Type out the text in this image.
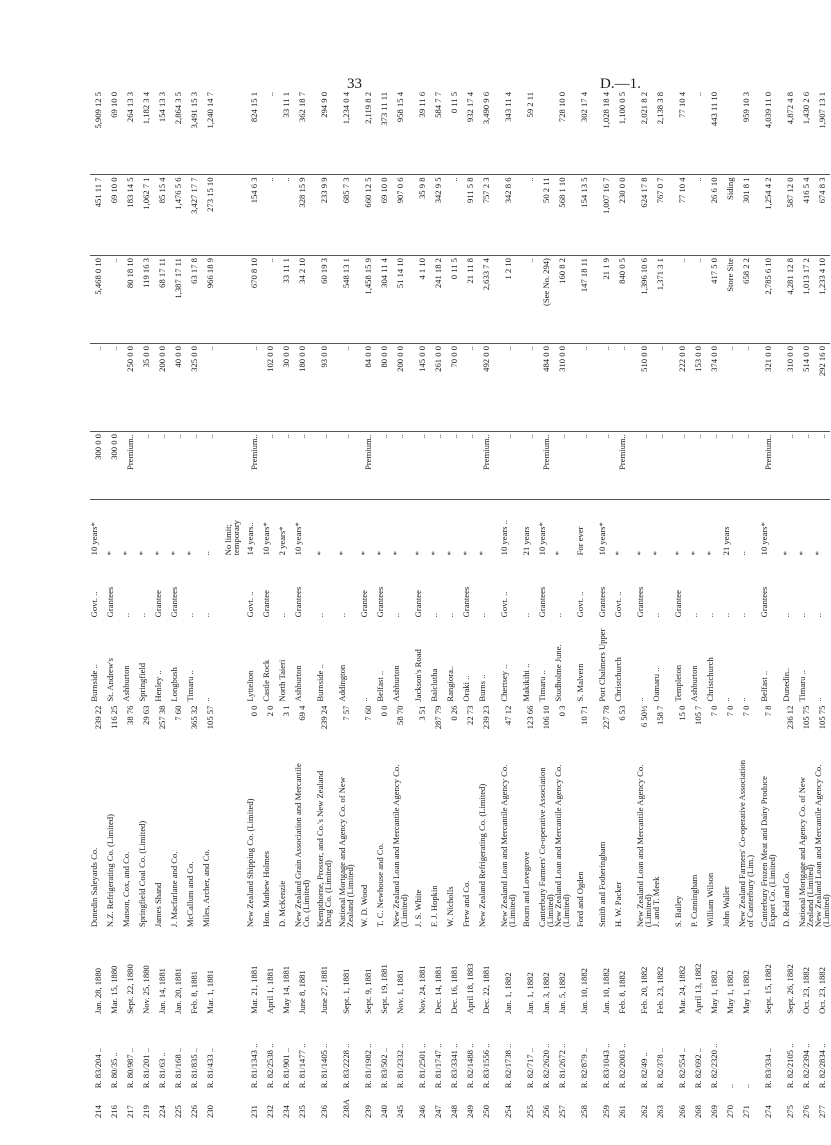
33	D.—1.
214	R. 83/204 ..	Jan. 28, 1880	Dunedin Saleyards Co.	239 22	Burnside ..	Govt. ..	10 years*	300 0 0	..	5,468 0 10	451 11 7	5,909 12 5
216	R. 80/35 ..	Mar. 15, 1880	N.Z. Refrigerating Co. (Limited)	116 25	St. Andrew's	Grantees	*	300 0 0	..	..	69 10 0	69 10 0
217	R. 80/987 ..	Sept. 22, 1880	Matson, Cox, and Co.	38 76	Ashburton	..	*	Premium..	250 0 0	80 18 10	183 14 5	264 13 3
219	R. 81/201 ..	Nov. 25, 1880	Springfield Coal Co. (Limited)	29 63	Springfield	..	*	..	35 0 0	119 16 3	1,062 7 1	1,182 3 4
224	R. 81/63 ..	Jan. 14, 1881	James Shand	257 38	Henley ..	Grantee	*	..	200 0 0	68 17 11	85 15 4	154 13 3
225	R. 81/168 ..	Jan. 20, 1881	J. Macfarlane and Co.	7 60	Longbush	Grantees	*	..	40 0 0	1,387 17 11	1,476 5 6	2,864 3 5
226	R. 81/835 ..	Feb. 8, 1881	McCallum and Co.	365 32	Timaru ..	..	*	..	325 0 0	63 17 8	3,427 17 7	3,491 15 3
230	R. 81/433 ..	Mar. 1, 1881	Miles, Archer, and Co.	105 57	..	..	..	..	..	966 18 9	273 15 10	1,240 14 7

							No limit; temporary					

231	R. 81/1343 ..	Mar. 21, 1881	New Zealand Shipping Co. (Limited)	0 0	Lyttelton	Govt. ..	14 years..	Premium..	..	670 8 10	154 6 3	824 15 1
232	R. 82/2538 ..	April 1, 1881	Hon. Mathew Holmes	2 0	Castle Rock	Grantee	10 years*	..	102 0 0	..	..	..
234	R. 81/901 ..	May 14, 1881	D. McKenzie	3 1	North Taieri	..	2 years*	..	30 0 0	33 11 1	..	33 11 1
235	R. 81/1477 ..	June 8, 1881	New Zealand Grain Association and Mercantile Co. (Limited)	69 4	Ashburton	Grantees	10 years*	..	180 0 0	34 2 10	328 15 9	362 18 7

236	R. 81/1405 ..	June 27, 1881	Kempthorne, Prosser, and Co.'s New Zealand Drug Co. (Limited)	239 24	Burnside ..	..	*	..	93 0 0	60 19 3	233 9 9	294 9 0

238A	R. 83/2228 ..	Sept. 1, 1881	National Mortgage and Agency Co. of New Zealand (Limited)	7 57	Addington	..	*	..	..	548 13 1	685 7 3	1,234 0 4

239	R. 81/1982 ..	Sept. 9, 1881	W. D. Wood	7 60	..	Grantee	*	Premium..	84 0 0	1,458 15 9	660 12 5	2,119 8 2
240	R. 83/502 ..	Sept. 19, 1881	T. C. Newhouse and Co.	0 0	Belfast ..	Grantees	*	..	80 0 0	304 11 4	69 10 0	373 11 11
245	R. 81/2332 ..	Nov. 1, 1881	New Zealand Loan and Mercantile Agency Co. (Limited)	58 70	Ashburton	..	*	..	200 0 0	51 14 10	907 0 6	958 15 4

246	R. 81/2501 ..	Nov. 24, 1881	J. S. White	3 51	Jackson's Road	Grantee	*	..	145 0 0	4 1 10	35 9 8	39 11 6
247	R. 81/1747 ..	Dec. 14, 1881	F. J. Hopkin	287 79	Balclutha	..	*	..	261 0 0	241 18 2	342 9 5	584 7 7
248	R. 83/3341 ..	Dec. 16, 1881	W. Nicholls	0 26	Rangiora..	..	*	..	70 0 0	0 11 5	..	0 11 5
249	R. 82/1488 ..	April 18, 1883	Frew and Co.	22 73	Oraki ..	Grantees	*	..	..	21 11 8	911 5 8	932 17 4
250	R. 83/1556 ..	Dec. 22, 1881	New Zealand Refrigerating Co. (Limited)	239 23	Burns ..	..	*	Premium..	492 0 0	2,633 7 4	757 2 3	3,490 9 6

254	R. 82/1738 ..	Jan. 1, 1882	New Zealand Loan and Mercantile Agency Co. (Limited)	47 12	Chertsey ..	Govt. ..	10 years ..	..	..	1 2 10	342 8 6	343 11 4

255	R. 82/717 ..	Jan. 1, 1882	Bourn and Lovegrove	123 66	Makikihi ..	..	21 years	..	..	..	..	59 2 11
256	R. 82/2620 ..	Jan. 3, 1882	Canterbury Farmers' Co-operative Association (Limited)	106 10	Timaru ..	Grantees	10 years*	Premium..	484 0 0	(See No. 294)	50 2 11	
257	R. 81/2672 ..	Jan. 5, 1882	New Zealand Loan and Mercantile Agency Co. (Limited)	0 3	Studholme June.	..	*	..	310 0 0	160 8 2	568 1 10	728 10 0

258	R. 82/879 ..	Jan. 10, 1882	Ford and Ogden	10 71	S. Malvern	Govt. ..	For ever	..	..	147 18 11	154 13 5	302 17 4

259	R. 83/1043 ..	Jan. 10, 1882	Smith and Fotheringham	227 78	Port Chalmers Upper	Grantees	10 years*	..	..	21 1 9	1,007 16 7	1,028 18 4
261	R. 82/2003 ..	Feb. 8, 1882	H. W. Packer	6 53	Christchurch	Govt. ..	*	Premium..	..	840 0 5	230 0 0	1,100 0 5

262	R. 82/49 ..	Feb. 20, 1882	New Zealand Loan and Mercantile Agency Co. (Limited)	6 50½	..	Grantees	*	..	510 0 0	1,396 10 6	624 17 8	2,021 8 2
263	R. 82/378 ..	Feb. 23, 1882	J. and T. Meek	158 7	Oamaru ..	..	*	..	..	1,371 3 1	767 0 7	2,138 3 8

266	R. 82/554 ..	Mar. 24, 1882	S. Bailey	15 0	Templeton	Grantee	*	..	222 0 0	..	77 10 4	77 10 4
268	R. 82/692 ..	April 13, 1882	P. Cunningham	105 7	Ashburton	..	*	..	153 0 0	..	..	..
269	R. 82/2320 ..	May 1, 1882	William Wilson	7 0	Christchurch	..	*	..	374 0 0	417 5 0	26 6 10	443 11 10
270	..	May 1, 1882	John Waller	7 0	..	..	21 years	..	..	Store Site	Siding	
271	..	May 1, 1882	New Zealand Farmers' Co-operative Association of Canterbury (Lim.)	7 0	..	..	..	..	..	658 2 2	301 8 1	959 10 3

274	R. 83/334 ..	Sept. 15, 1882	Canterbury Frozen Meat and Dairy Produce Export Co. (Limited)	7 8	Belfast ..	Grantees	10 years*	Premium..	321 0 0	2,785 6 10	1,254 4 2	4,039 11 0

275	R. 82/2105 ..	Sept. 26, 1882	D. Reid and Co.	236 12	Dunedin..	..	*	..	310 0 0	4,281 12 8	587 12 0	4,872 4 8
276	R. 82/2394 ..	Oct. 23, 1882	National Mortgage and Agency Co. of New Zealand (Limited)	105 75	Timaru ..	..	*	..	514 0 0	1,013 17 2	416 5 4	1,430 2 6
277	R. 82/2834 ..	Oct. 23, 1882	New Zealand Loan and Mercantile Agency Co. (Limited)	105 75	..	..	*	..	292 16 0	1,233 4 10	674 8 3	1,907 13 1
